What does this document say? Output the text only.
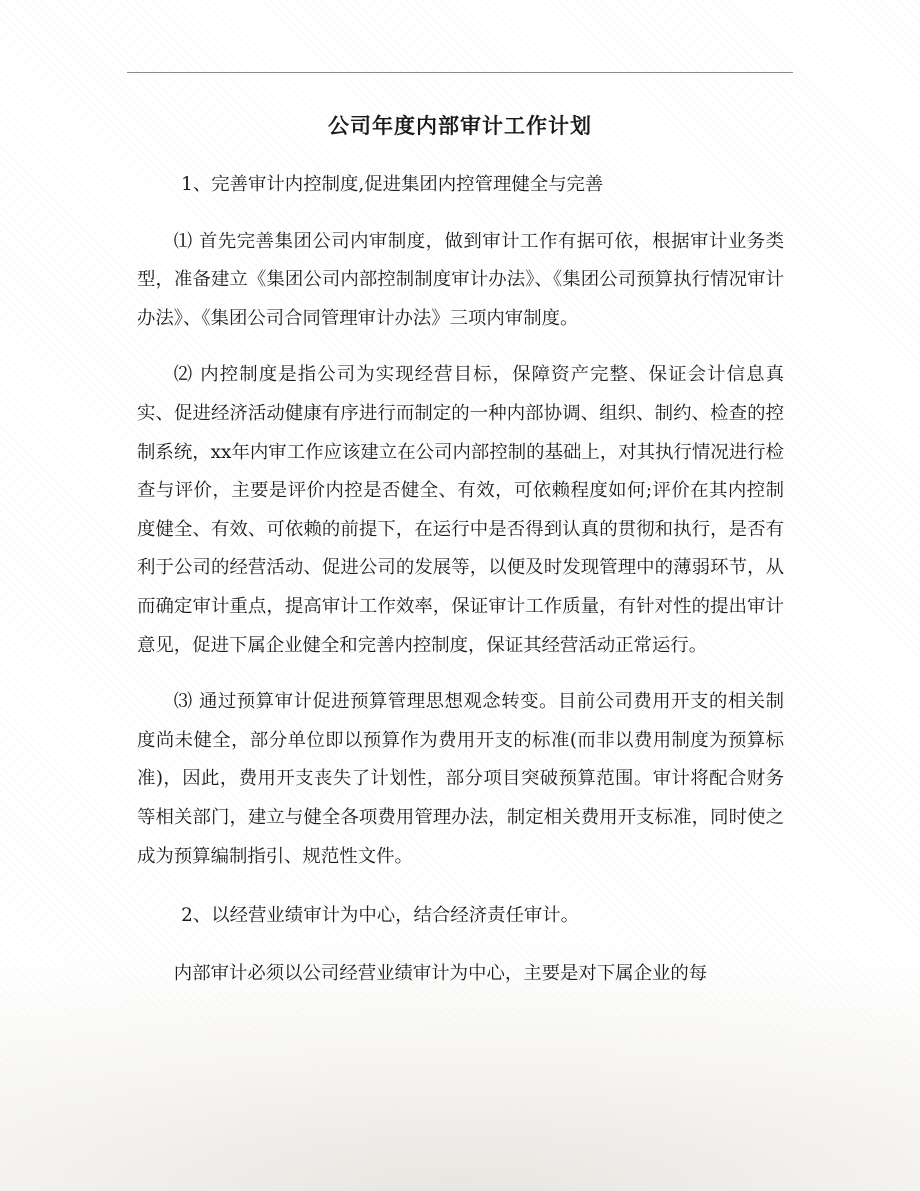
公司年度内部审计工作计划

1、完善审计内控制度,促进集团内控管理健全与完善

⑴ 首先完善集团公司内审制度，做到审计工作有据可依，根据审计业务类型，准备建立《集团公司内部控制制度审计办法》、《集团公司预算执行情况审计办法》、《集团公司合同管理审计办法》三项内审制度。

⑵ 内控制度是指公司为实现经营目标，保障资产完整、保证会计信息真实、促进经济活动健康有序进行而制定的一种内部协调、组织、制约、检查的控制系统，xx年内审工作应该建立在公司内部控制的基础上，对其执行情况进行检查与评价，主要是评价内控是否健全、有效，可依赖程度如何;评价在其内控制度健全、有效、可依赖的前提下，在运行中是否得到认真的贯彻和执行，是否有利于公司的经营活动、促进公司的发展等，以便及时发现管理中的薄弱环节，从而确定审计重点，提高审计工作效率，保证审计工作质量，有针对性的提出审计意见，促进下属企业健全和完善内控制度，保证其经营活动正常运行。

⑶ 通过预算审计促进预算管理思想观念转变。目前公司费用开支的相关制度尚未健全，部分单位即以预算作为费用开支的标准(而非以费用制度为预算标准)，因此，费用开支丧失了计划性，部分项目突破预算范围。审计将配合财务等相关部门，建立与健全各项费用管理办法，制定相关费用开支标准，同时使之成为预算编制指引、规范性文件。

2、以经营业绩审计为中心，结合经济责任审计。

内部审计必须以公司经营业绩审计为中心，主要是对下属企业的每
